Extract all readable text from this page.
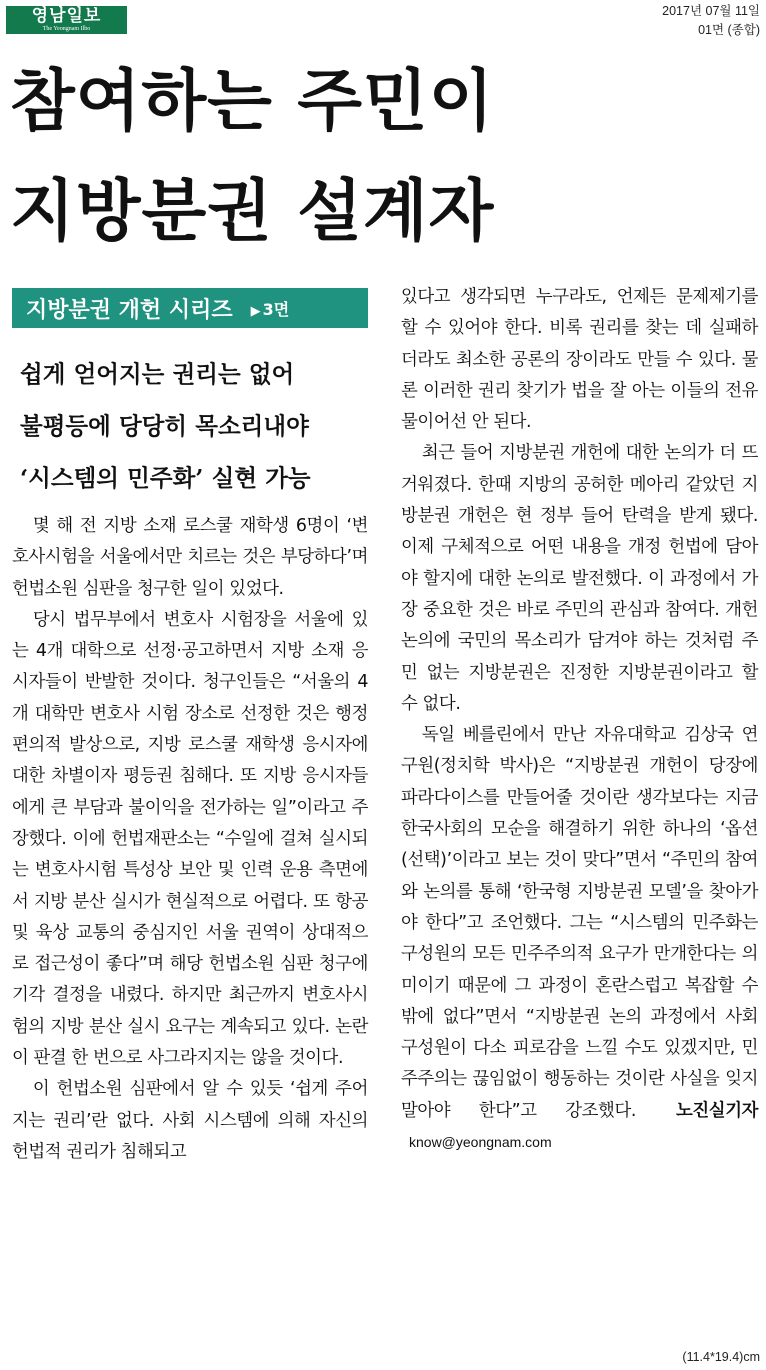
영남일보
The Yeongnam Ilbo
2017년 07월 11일
01면 (종합)
참여하는 주민이
지방분권 설계자
지방분권 개헌 시리즈 ▶ 3면
쉽게 얻어지는 권리는 없어
불평등에 당당히 목소리내야
‘시스템의 민주화’ 실현 가능

몇 해 전 지방 소재 로스쿨 재학생 6명이 ‘변호사시험을 서울에서만 치르는 것은 부당하다’며 헌법소원 심판을 청구한 일이 있었다.

당시 법무부에서 변호사 시험장을 서울에 있는 4개 대학으로 선정·공고하면서 지방 소재 응시자들이 반발한 것이다. 청구인들은 “서울의 4개 대학만 변호사 시험 장소로 선정한 것은 행정편의적 발상으로, 지방 로스쿨 재학생 응시자에 대한 차별이자 평등권 침해다. 또 지방 응시자들에게 큰 부담과 불이익을 전가하는 일”이라고 주장했다. 이에 헌법재판소는 “수일에 걸쳐 실시되는 변호사시험 특성상 보안 및 인력 운용 측면에서 지방 분산 실시가 현실적으로 어렵다. 또 항공 및 육상 교통의 중심지인 서울 권역이 상대적으로 접근성이 좋다”며 해당 헌법소원 심판 청구에 기각 결정을 내렸다. 하지만 최근까지 변호사시험의 지방 분산 실시 요구는 계속되고 있다. 논란이 판결 한 번으로 사그라지지는 않을 것이다.

이 헌법소원 심판에서 알 수 있듯 ‘쉽게 주어지는 권리’란 없다. 사회 시스템에 의해 자신의 헌법적 권리가 침해되고

있다고 생각되면 누구라도, 언제든 문제제기를 할 수 있어야 한다. 비록 권리를 찾는 데 실패하더라도 최소한 공론의 장이라도 만들 수 있다. 물론 이러한 권리 찾기가 법을 잘 아는 이들의 전유물이어선 안 된다.

최근 들어 지방분권 개헌에 대한 논의가 더 뜨거워졌다. 한때 지방의 공허한 메아리 같았던 지방분권 개헌은 현 정부 들어 탄력을 받게 됐다. 이제 구체적으로 어떤 내용을 개정 헌법에 담아야 할지에 대한 논의로 발전했다. 이 과정에서 가장 중요한 것은 바로 주민의 관심과 참여다. 개헌 논의에 국민의 목소리가 담겨야 하는 것처럼 주민 없는 지방분권은 진정한 지방분권이라고 할 수 없다.

독일 베를린에서 만난 자유대학교 김상국 연구원(정치학 박사)은 “지방분권 개헌이 당장에 파라다이스를 만들어줄 것이란 생각보다는 지금 한국사회의 모순을 해결하기 위한 하나의 ‘옵션(선택)’이라고 보는 것이 맞다”면서 “주민의 참여와 논의를 통해 ‘한국형 지방분권 모델’을 찾아가야 한다”고 조언했다. 그는 “시스템의 민주화는 구성원의 모든 민주주의적 요구가 만개한다는 의미이기 때문에 그 과정이 혼란스럽고 복잡할 수밖에 없다”면서 “지방분권 논의 과정에서 사회 구성원이 다소 피로감을 느낄 수도 있겠지만, 민주주의는 끊임없이 행동하는 것이란 사실을 잊지 말아야 한다”고 강조했다. 노진실기자know@yeongnam.com

(11.4*19.4)cm
